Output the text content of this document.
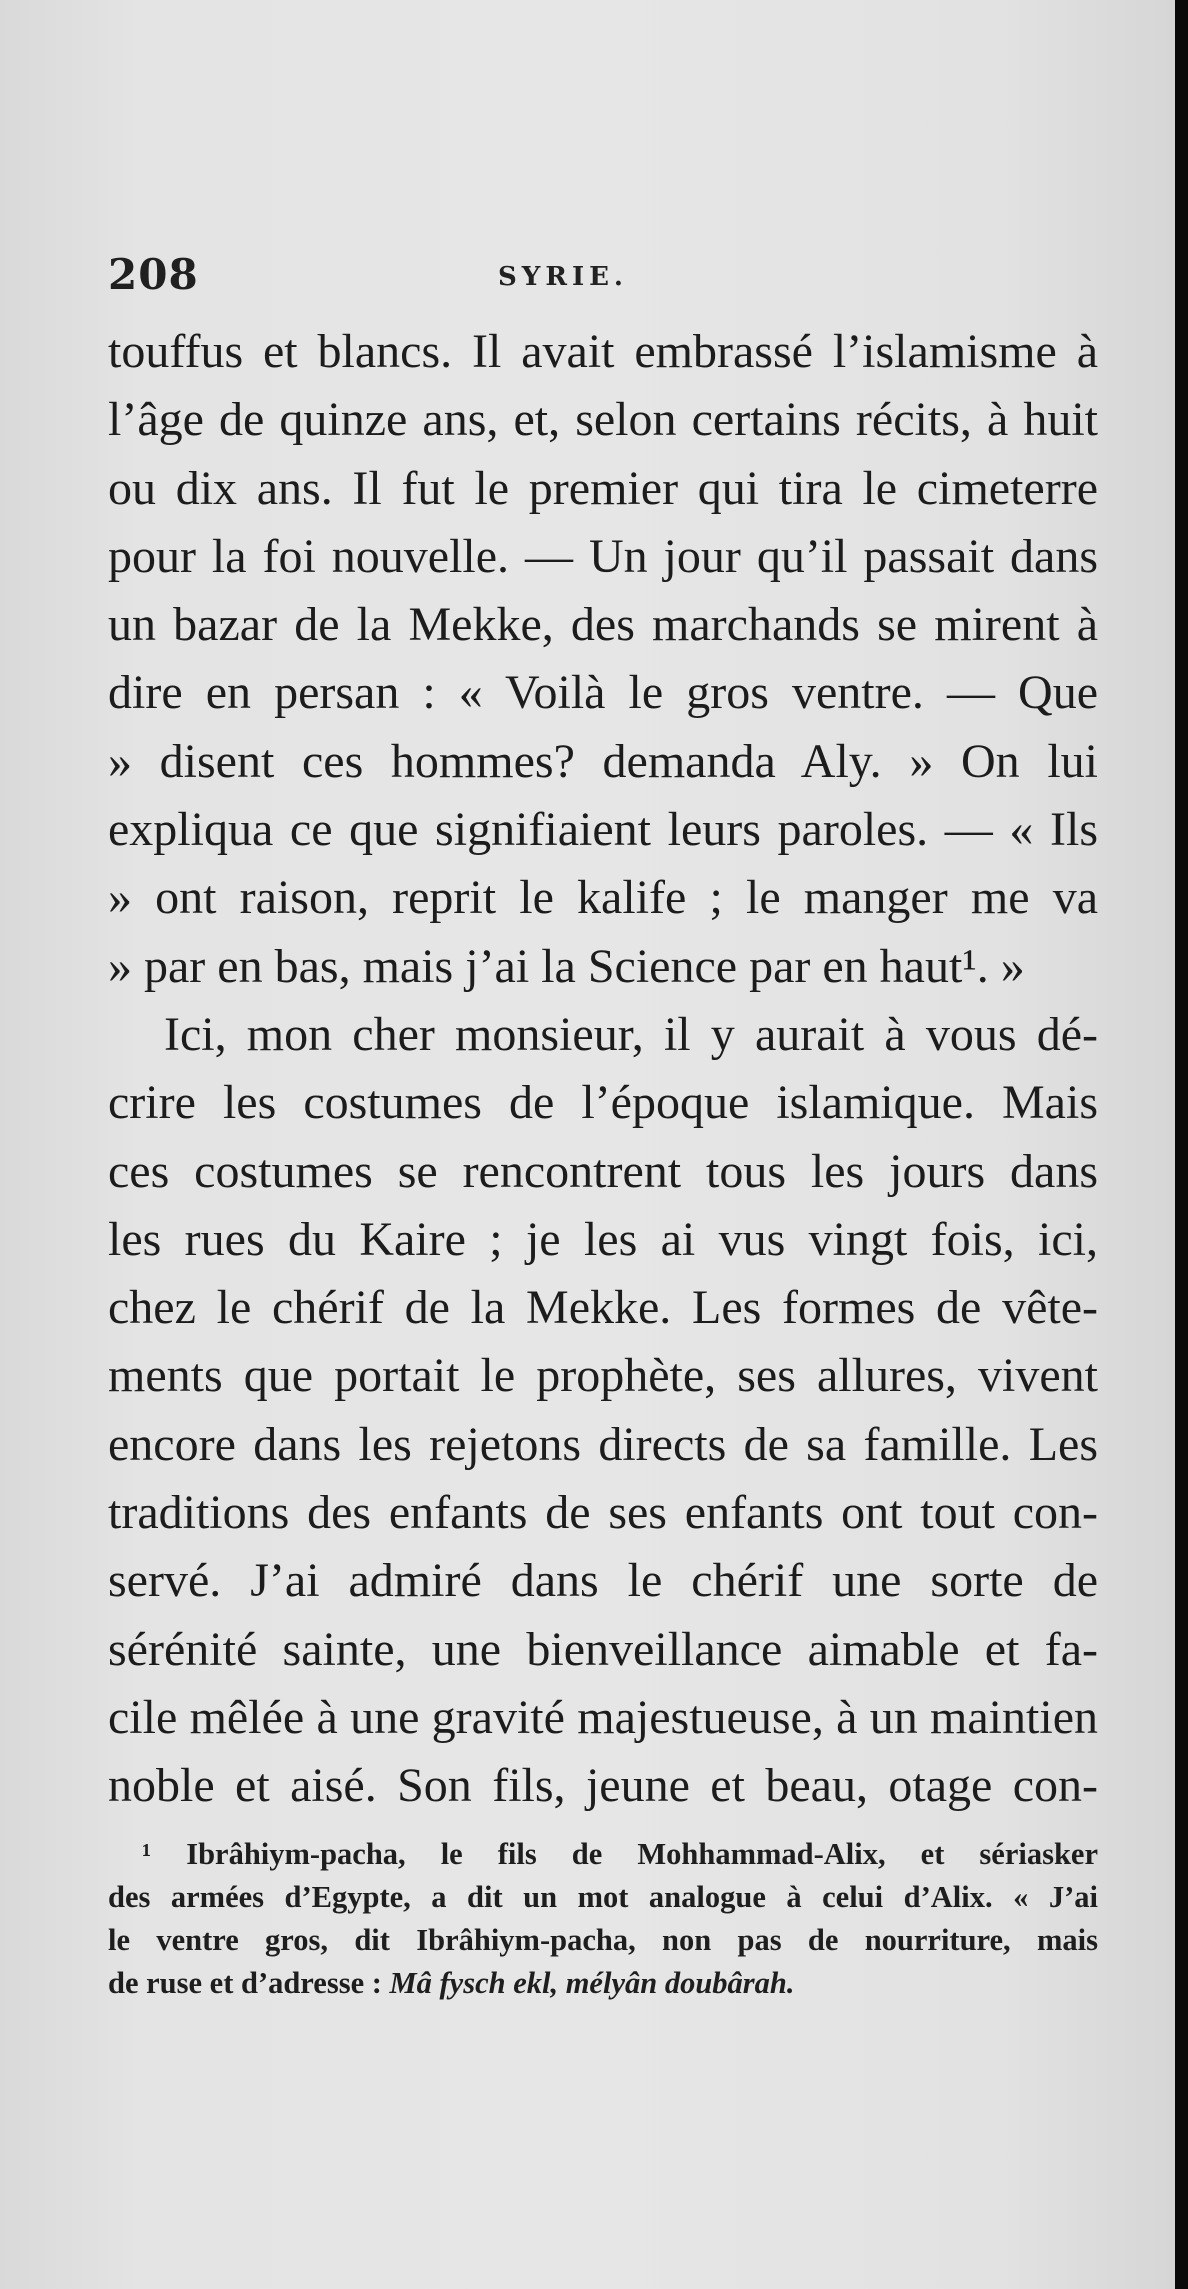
208	SYRIE.
touffus et blancs. Il avait embrassé l’islamisme à
l’âge de quinze ans, et, selon certains récits, à huit
ou dix ans. Il fut le premier qui tira le cimeterre
pour la foi nouvelle. — Un jour qu’il passait dans
un bazar de la Mekke, des marchands se mirent à
dire en persan : « Voilà le gros ventre. — Que
» disent ces hommes? demanda Aly. » On lui
expliqua ce que signifiaient leurs paroles. — « Ils
» ont raison, reprit le kalife ; le manger me va
» par en bas, mais j’ai la Science par en haut¹. »
Ici, mon cher monsieur, il y aurait à vous dé-
crire les costumes de l’époque islamique. Mais
ces costumes se rencontrent tous les jours dans
les rues du Kaire ; je les ai vus vingt fois, ici,
chez le chérif de la Mekke. Les formes de vête-
ments que portait le prophète, ses allures, vivent
encore dans les rejetons directs de sa famille. Les
traditions des enfants de ses enfants ont tout con-
servé. J’ai admiré dans le chérif une sorte de
sérénité sainte, une bienveillance aimable et fa-
cile mêlée à une gravité majestueuse, à un maintien
noble et aisé. Son fils, jeune et beau, otage con-
¹ Ibrâhiym-pacha, le fils de Mohhammad-Alix, et sériasker
des armées d’Egypte, a dit un mot analogue à celui d’Alix. « J’ai
le ventre gros, dit Ibrâhiym-pacha, non pas de nourriture, mais
de ruse et d’adresse : Mâ fysch ekl, mélyân doubârah.
